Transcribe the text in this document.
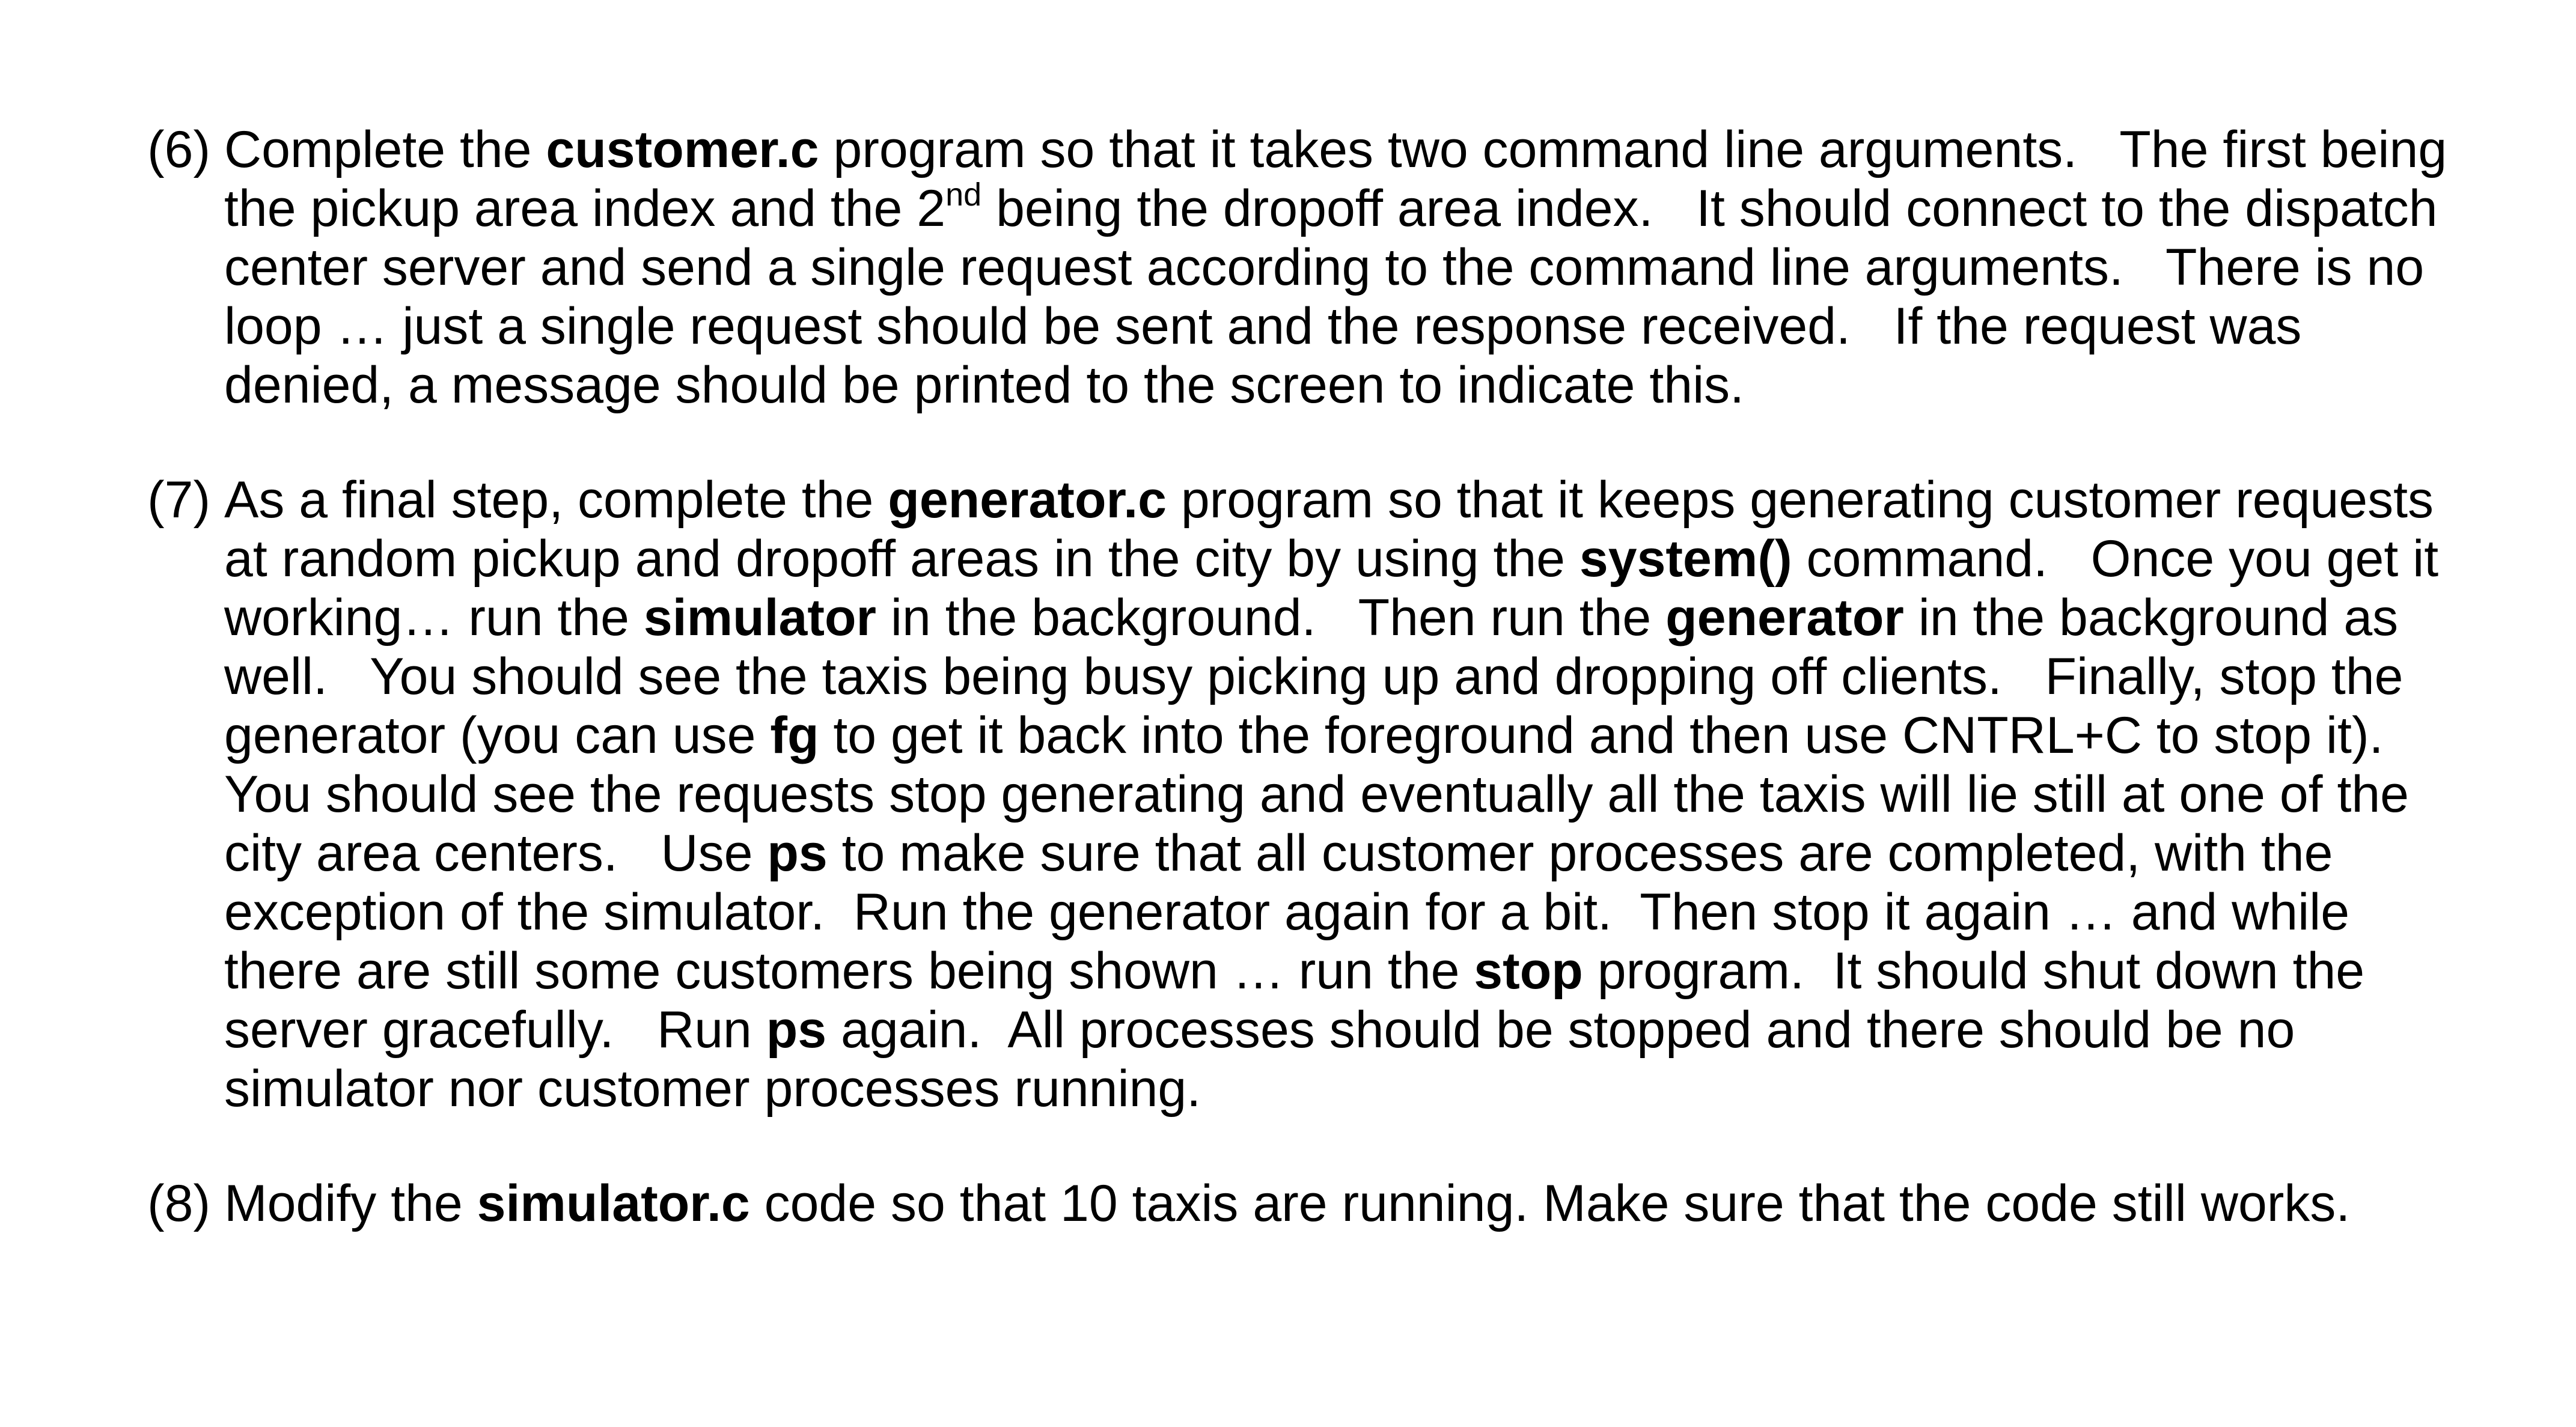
(6) Complete the customer.c program so that it takes two command line arguments.   The first being
the pickup area index and the 2nd being the dropoff area index.   It should connect to the dispatch
center server and send a single request according to the command line arguments.   There is no
loop … just a single request should be sent and the response received.   If the request was
denied, a message should be printed to the screen to indicate this.
(7) As a final step, complete the generator.c program so that it keeps generating customer requests
at random pickup and dropoff areas in the city by using the system() command.   Once you get it
working… run the simulator in the background.   Then run the generator in the background as
well.   You should see the taxis being busy picking up and dropping off clients.   Finally, stop the
generator (you can use fg to get it back into the foreground and then use CNTRL+C to stop it).
You should see the requests stop generating and eventually all the taxis will lie still at one of the
city area centers.   Use ps to make sure that all customer processes are completed, with the
exception of the simulator.  Run the generator again for a bit.  Then stop it again … and while
there are still some customers being shown … run the stop program.  It should shut down the
server gracefully.   Run ps again.  All processes should be stopped and there should be no
simulator nor customer processes running.
(8) Modify the simulator.c code so that 10 taxis are running. Make sure that the code still works.
